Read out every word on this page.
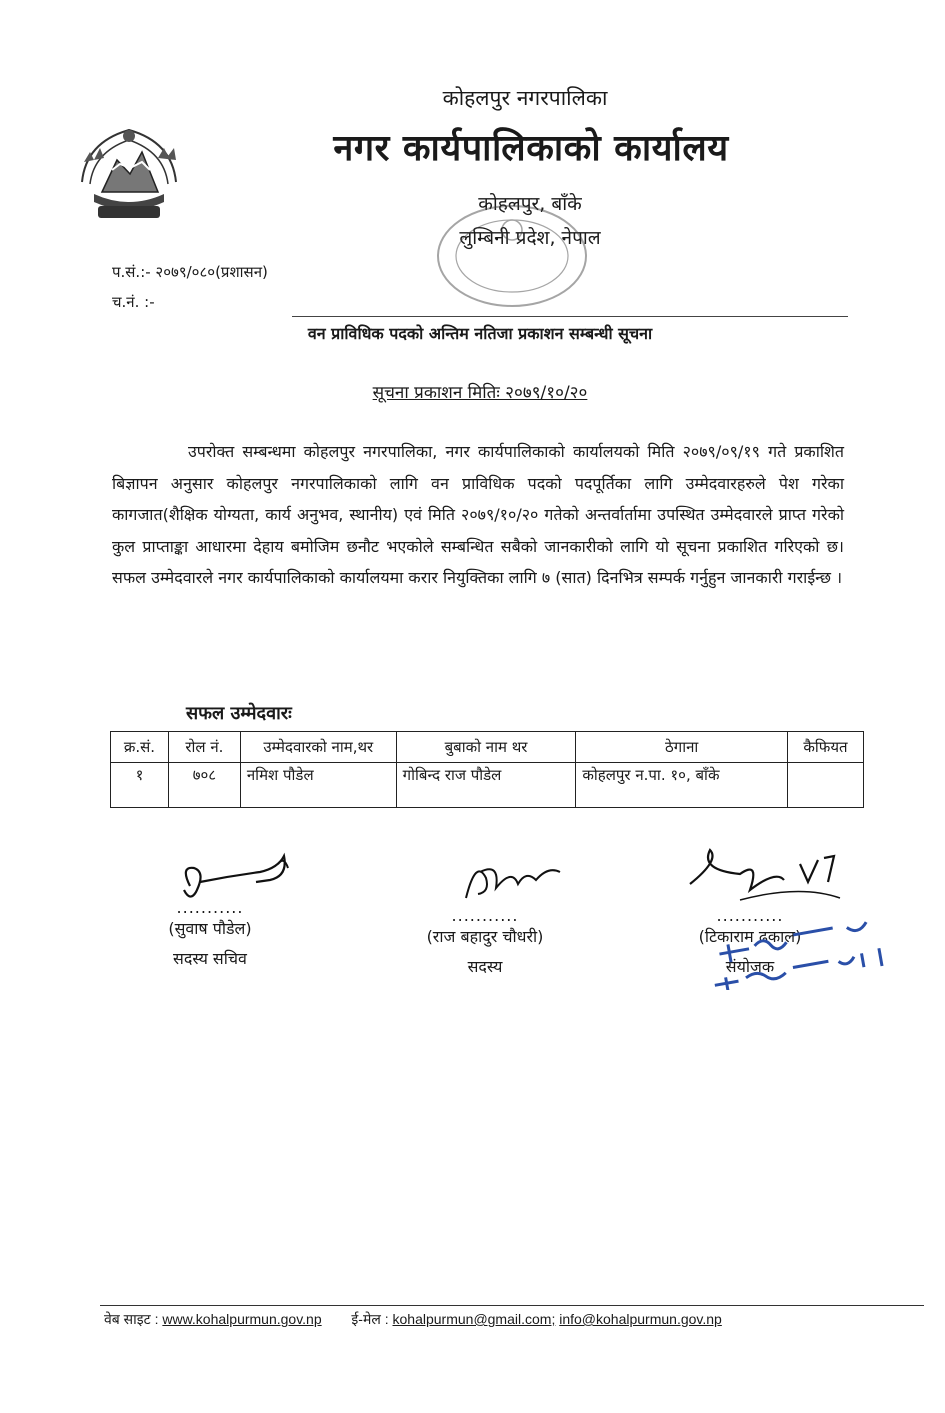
कोहलपुर नगरपालिका
नगर कार्यपालिकाको कार्यालय
कोहलपुर, बाँके
लुम्बिनी प्रदेश, नेपाल
प.सं.:- २०७९/०८०(प्रशासन)
च.नं. :-
वन प्राविधिक पदको अन्तिम नतिजा प्रकाशन सम्बन्धी सूचना
सूचना प्रकाशन मितिः २०७९/१०/२०

उपरोक्त सम्बन्धमा कोहलपुर नगरपालिका, नगर कार्यपालिकाको कार्यालयको मिति २०७९/०९/१९ गते प्रकाशित बिज्ञापन अनुसार कोहलपुर नगरपालिकाको लागि वन प्राविधिक पदको पदपूर्तिका लागि उम्मेदवारहरुले पेश गरेका कागजात(शैक्षिक योग्यता, कार्य अनुभव, स्थानीय) एवं मिति २०७९/१०/२० गतेको अन्तर्वार्तामा उपस्थित उम्मेदवारले प्राप्त गरेको कुल प्राप्ताङ्का आधारमा देहाय बमोजिम छनौट भएकोले सम्बन्धित सबैको जानकारीको लागि यो सूचना प्रकाशित गरिएको छ। सफल उम्मेदवारले नगर कार्यपालिकाको कार्यालयमा करार नियुक्तिका लागि ७ (सात) दिनभित्र सम्पर्क गर्नुहुन जानकारी गराईन्छ ।

सफल उम्मेदवारः
क्र.सं.	रोल नं.	उम्मेदवारको नाम,थर	बुबाको नाम थर	ठेगाना	कैफियत
१	७०८	नमिश पौडेल	गोबिन्द राज पौडेल	कोहलपुर न.पा. १०, बाँके	
...........
(सुवाष पौडेल)
सदस्य सचिव
...........
(राज बहादुर चौधरी)
सदस्य
...........
(टिकाराम ढकाल)
संयोजक
वेब साइट : www.kohalpurmun.gov.np ई-मेल : kohalpurmun@gmail.com; info@kohalpurmun.gov.np
